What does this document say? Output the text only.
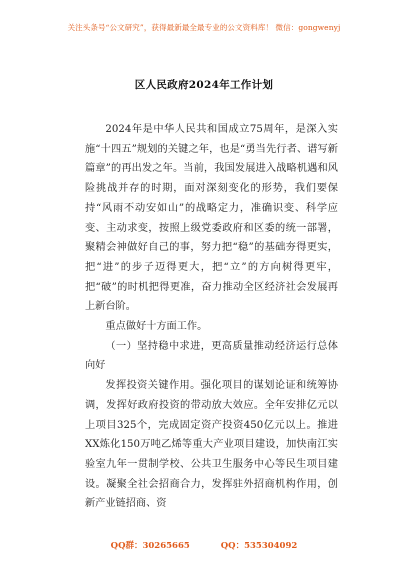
关注头条号“公文研究”，获得最新最全最专业的公文资料库！ 微信：gongwenyj
区人民政府2024年工作计划

2024年是中华人民共和国成立75周年，是深入实施“十四五”规划的关键之年，也是“勇当先行者、谱写新篇章”的再出发之年。当前，我国发展进入战略机遇和风险挑战并存的时期，面对深刻变化的形势，我们要保持“风雨不动安如山”的战略定力，准确识变、科学应变、主动求变，按照上级党委政府和区委的统一部署，聚精会神做好自己的事，努力把“稳”的基础夯得更实，把“进”的步子迈得更大，把“立”的方向树得更牢，把“破”的时机把得更准，奋力推动全区经济社会发展再上新台阶。

重点做好十方面工作。

（一）坚持稳中求进，更高质量推动经济运行总体向好

发挥投资关键作用。强化项目的谋划论证和统筹协调，发挥好政府投资的带动放大效应。全年安排亿元以上项目325个，完成固定资产投资450亿元以上。推进XX炼化150万吨乙烯等重大产业项目建设，加快南江实验室九年一贯制学校、公共卫生服务中心等民生项目建设。凝聚全社会招商合力，发挥驻外招商机构作用，创新产业链招商、资

QQ群：30265665	QQ：535304092
